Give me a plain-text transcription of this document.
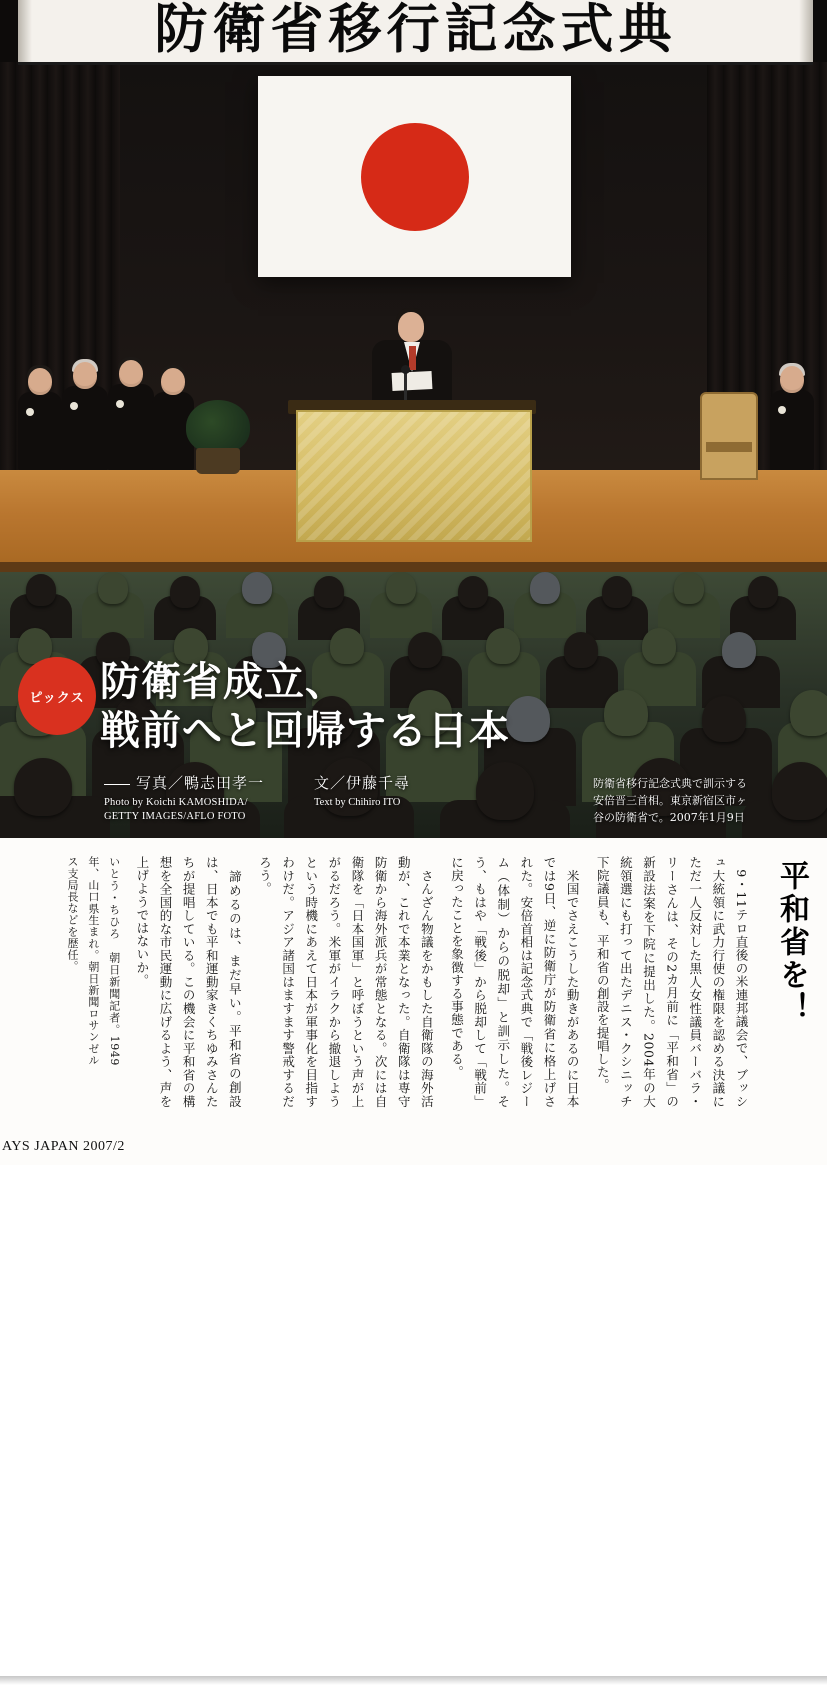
防衛省移行記念式典
ピックス 防衛省成立、
戦前へと回帰する日本
写真／鴨志田孝一
Photo by Koichi KAMOSHIDA/
GETTY IMAGES/AFLO FOTO
文／伊藤千尋
Text by Chihiro ITO
防衛省移行記念式典で訓示する
安倍晋三首相。東京新宿区市ヶ
谷の防衛省で。2007年1月9日
平和省を！
　9・11テロ直後の米連邦議会で、ブッシュ大統領に武力行使の権限を認める決議にただ一人反対した黒人女性議員バーバラ・リーさんは、その2カ月前に「平和省」の新設法案を下院に提出した。2004年の大統領選にも打って出たデニス・クシニッチ下院議員も、平和省の創設を提唱した。
　米国でさえこうした動きがあるのに日本では9日、逆に防衛庁が防衛省に格上げされた。安倍首相は記念式典で「戦後レジーム（体制）からの脱却」と訓示した。そう、もはや「戦後」から脱却して「戦前」に戻ったことを象徴する事態である。
　さんざん物議をかもした自衛隊の海外活動が、これで本業となった。自衛隊は専守防衛から海外派兵が常態となる。次には自衛隊を「日本国軍」と呼ぼうという声が上がるだろう。米軍がイラクから撤退しようという時機にあえて日本が軍事化を目指すわけだ。アジア諸国はますます警戒するだろう。
　諦めるのは、まだ早い。平和省の創設は、日本でも平和運動家きくちゆみさんたちが提唱している。この機会に平和省の構想を全国的な市民運動に広げるよう、声を上げようではないか。
いとう・ちひろ　朝日新聞記者。1949年、山口県生まれ。朝日新聞ロサンゼルス支局長などを歴任。
AYS JAPAN 2007/2
